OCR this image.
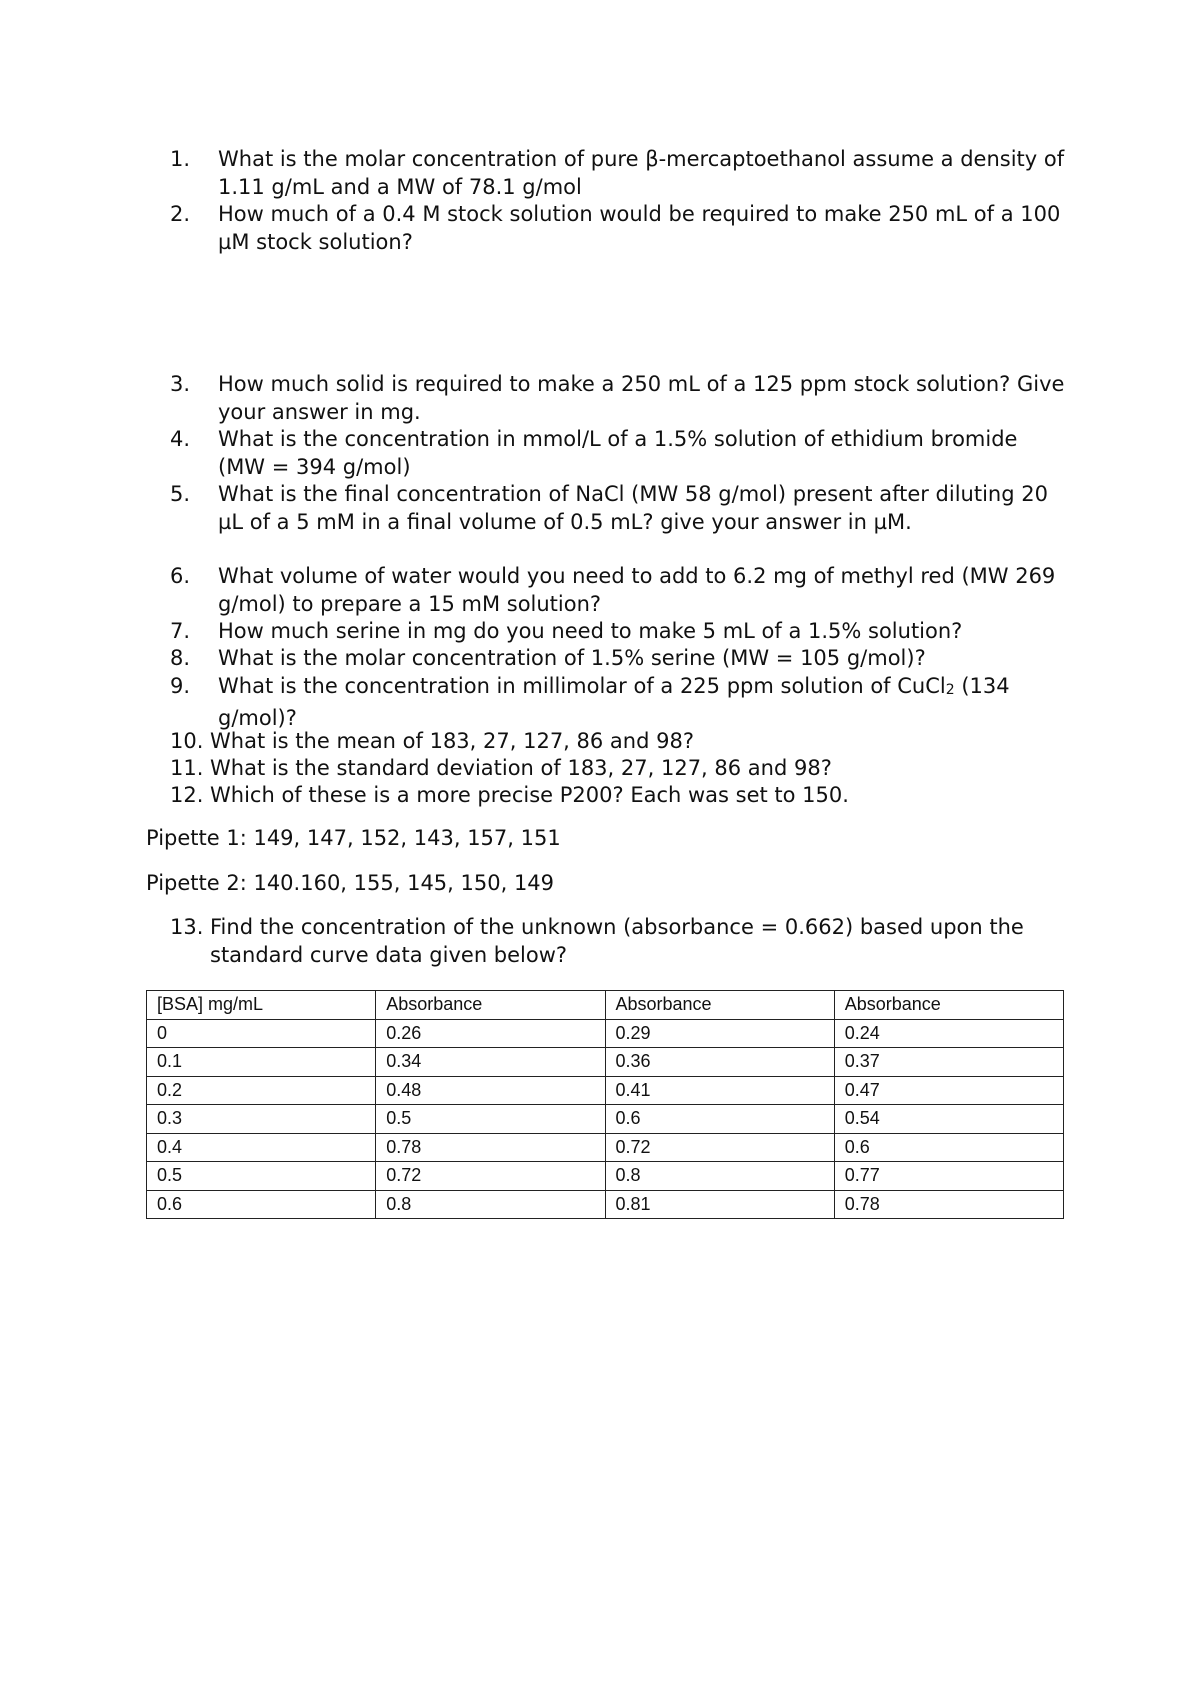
1. What is the molar concentration of pure β-mercaptoethanol assume a density of 1.11 g/mL and a MW of 78.1 g/mol
2. How much of a 0.4 M stock solution would be required to make 250 mL of a 100 µM stock solution?
3. How much solid is required to make a 250 mL of a 125 ppm stock solution? Give your answer in mg.
4. What is the concentration in mmol/L of a 1.5% solution of ethidium bromide (MW = 394 g/mol)
5. What is the final concentration of NaCl (MW 58 g/mol) present after diluting 20 µL of a 5 mM in a final volume of 0.5 mL? give your answer in µM.
6. What volume of water would you need to add to 6.2 mg of methyl red (MW 269 g/mol) to prepare a 15 mM solution?
7. How much serine in mg do you need to make 5 mL of a 1.5% solution?
8. What is the molar concentration of 1.5% serine (MW = 105 g/mol)?
9. What is the concentration in millimolar of a 225 ppm solution of CuCl$_2$ (134 g/mol)?
10. What is the mean of 183, 27, 127, 86 and 98?
11. What is the standard deviation of 183, 27, 127, 86 and 98?
12. Which of these is a more precise P200? Each was set to 150.
Pipette 1: 149, 147, 152, 143, 157, 151
Pipette 2: 140.160, 155, 145, 150, 149
13. Find the concentration of the unknown (absorbance = 0.662) based upon the standard curve data given below?
[BSA] mg/mL	Absorbance	Absorbance	Absorbance
0	0.26	0.29	0.24
0.1	0.34	0.36	0.37
0.2	0.48	0.41	0.47
0.3	0.5	0.6	0.54
0.4	0.78	0.72	0.6
0.5	0.72	0.8	0.77
0.6	0.8	0.81	0.78
